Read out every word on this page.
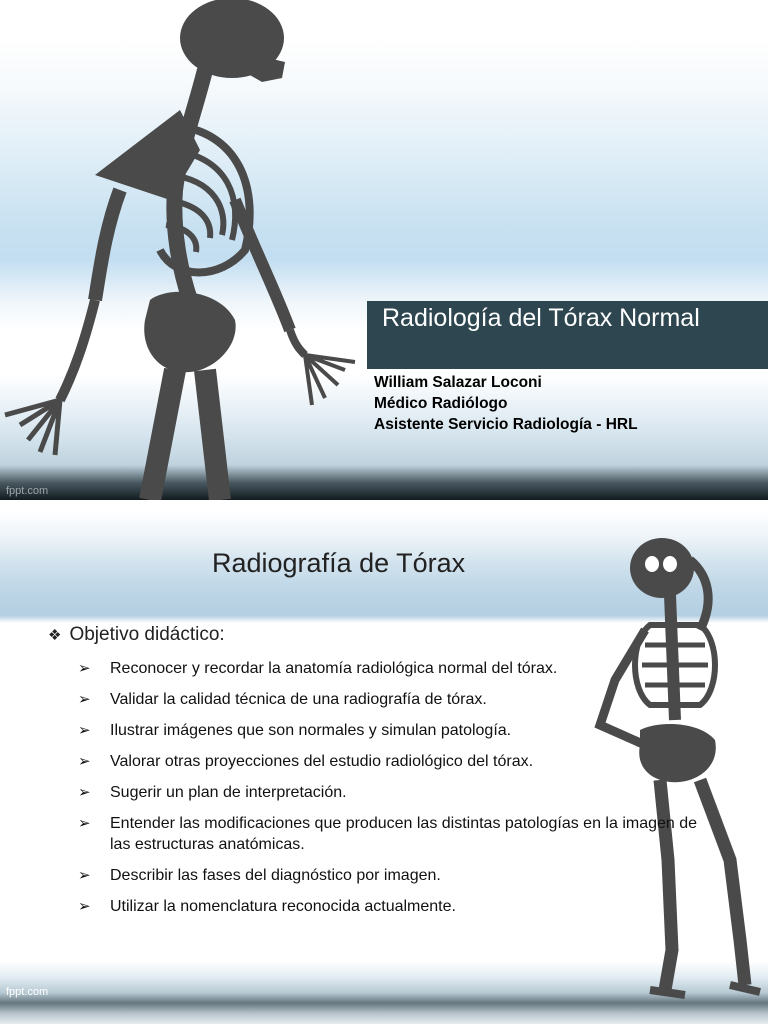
Radiología del Tórax Normal
William Salazar Loconi
Médico Radiólogo
Asistente Servicio Radiología - HRL
fppt.com
Radiografía de Tórax
❖ Objetivo didáctico:
➢ Reconocer y recordar la anatomía radiológica normal del tórax.
➢ Validar la calidad técnica de una radiografía de tórax.
➢ Ilustrar imágenes que son normales y simulan patología.
➢ Valorar otras proyecciones del estudio radiológico del tórax.
➢ Sugerir un plan de interpretación.
➢ Entender las modificaciones que producen las distintas patologías en la imagen de las estructuras anatómicas.
➢ Describir las fases del diagnóstico por imagen.
➢ Utilizar la nomenclatura reconocida actualmente.
fppt.com
